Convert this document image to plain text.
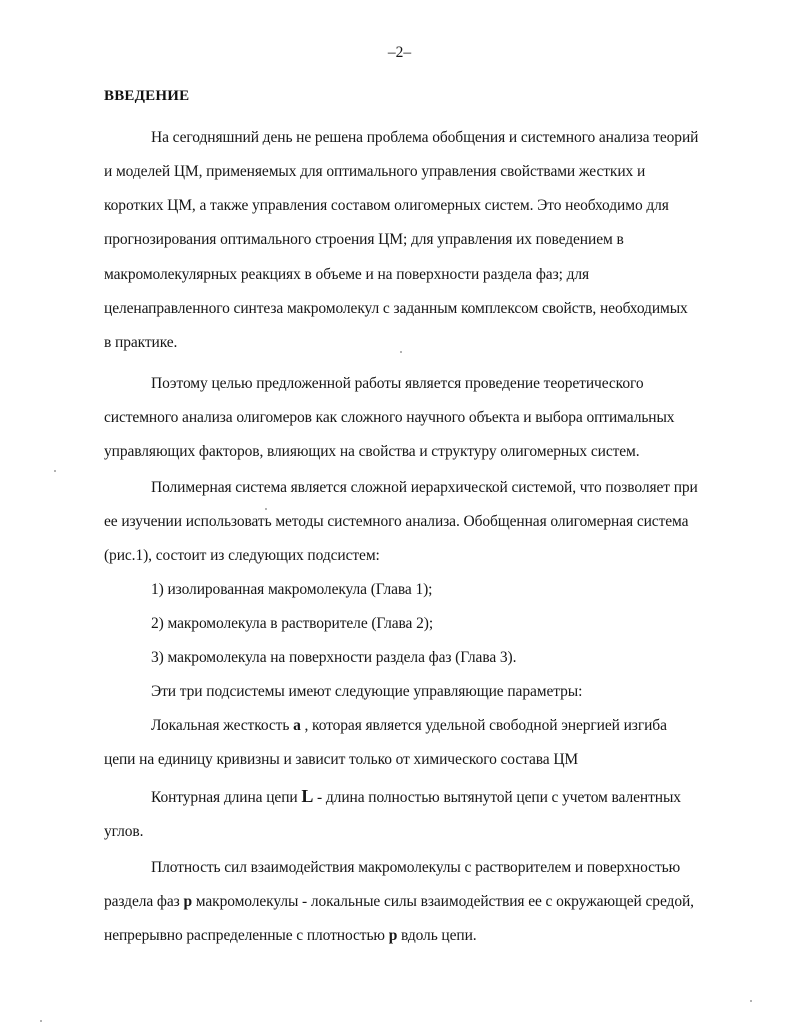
–2–
ВВЕДЕНИЕ
На сегодняшний день не решена проблема обобщения и системного анализа теорий
и моделей ЦМ, применяемых для оптимального управления свойствами жестких и
коротких ЦМ, а также управления составом олигомерных систем. Это необходимо для
прогнозирования оптимального строения ЦМ; для управления их поведением в
макромолекулярных реакциях в объеме и на поверхности раздела фаз; для
целенаправленного синтеза макромолекул с заданным комплексом свойств, необходимых
в практике.
Поэтому целью предложенной работы является проведение теоретического
системного анализа олигомеров как сложного научного объекта и выбора оптимальных
управляющих факторов, влияющих на свойства и структуру олигомерных систем.
Полимерная система является сложной иерархической системой, что позволяет при
ее изучении использовать методы системного анализа. Обобщенная олигомерная система
(рис.1), состоит из следующих подсистем:
1) изолированная макромолекула (Глава 1);
2) макромолекула в растворителе (Глава 2);
3) макромолекула на поверхности раздела фаз (Глава 3).
Эти три подсистемы имеют следующие управляющие параметры:
Локальная жесткость a , которая является удельной свободной энергией изгиба
цепи на единицу кривизны и зависит только от химического состава ЦМ
Контурная длина цепи L - длина полностью вытянутой цепи с учетом валентных
углов.
Плотность сил взаимодействия макромолекулы с растворителем и поверхностью
раздела фаз p макромолекулы - локальные силы взаимодействия ее с окружающей средой,
непрерывно распределенные с плотностью p вдоль цепи.
